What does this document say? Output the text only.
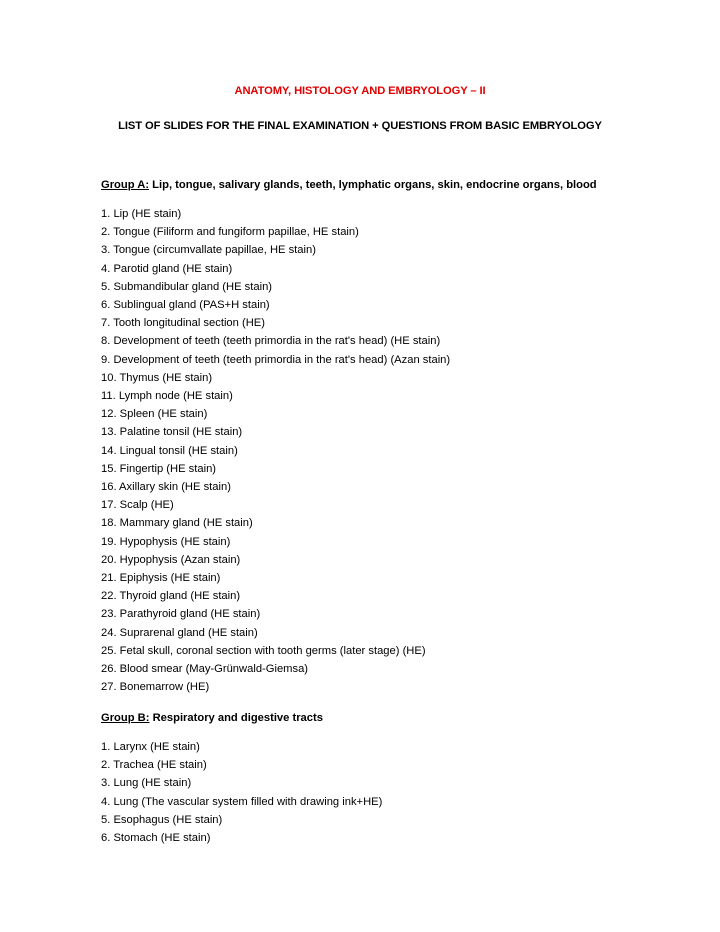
ANATOMY, HISTOLOGY AND EMBRYOLOGY – II
LIST OF SLIDES FOR THE FINAL EXAMINATION + QUESTIONS FROM BASIC EMBRYOLOGY
Group A: Lip, tongue, salivary glands, teeth, lymphatic organs, skin, endocrine organs, blood
1. Lip (HE stain)
2. Tongue (Filiform and fungiform papillae, HE stain)
3. Tongue (circumvallate papillae, HE stain)
4. Parotid gland (HE stain)
5. Submandibular gland (HE stain)
6. Sublingual gland (PAS+H stain)
7. Tooth longitudinal section (HE)
8. Development of teeth (teeth primordia in the rat's head) (HE stain)
9. Development of teeth (teeth primordia in the rat's head) (Azan stain)
10. Thymus (HE stain)
11. Lymph node (HE stain)
12. Spleen (HE stain)
13. Palatine tonsil (HE stain)
14. Lingual tonsil (HE stain)
15. Fingertip (HE stain)
16. Axillary skin (HE stain)
17. Scalp (HE)
18. Mammary gland (HE stain)
19. Hypophysis (HE stain)
20. Hypophysis (Azan stain)
21. Epiphysis (HE stain)
22. Thyroid gland (HE stain)
23. Parathyroid gland (HE stain)
24. Suprarenal gland (HE stain)
25. Fetal skull, coronal section with tooth germs (later stage) (HE)
26. Blood smear (May-Grünwald-Giemsa)
27. Bonemarrow (HE)
Group B: Respiratory and digestive tracts
1. Larynx (HE stain)
2. Trachea (HE stain)
3. Lung (HE stain)
4. Lung (The vascular system filled with drawing ink+HE)
5. Esophagus (HE stain)
6. Stomach (HE stain)
